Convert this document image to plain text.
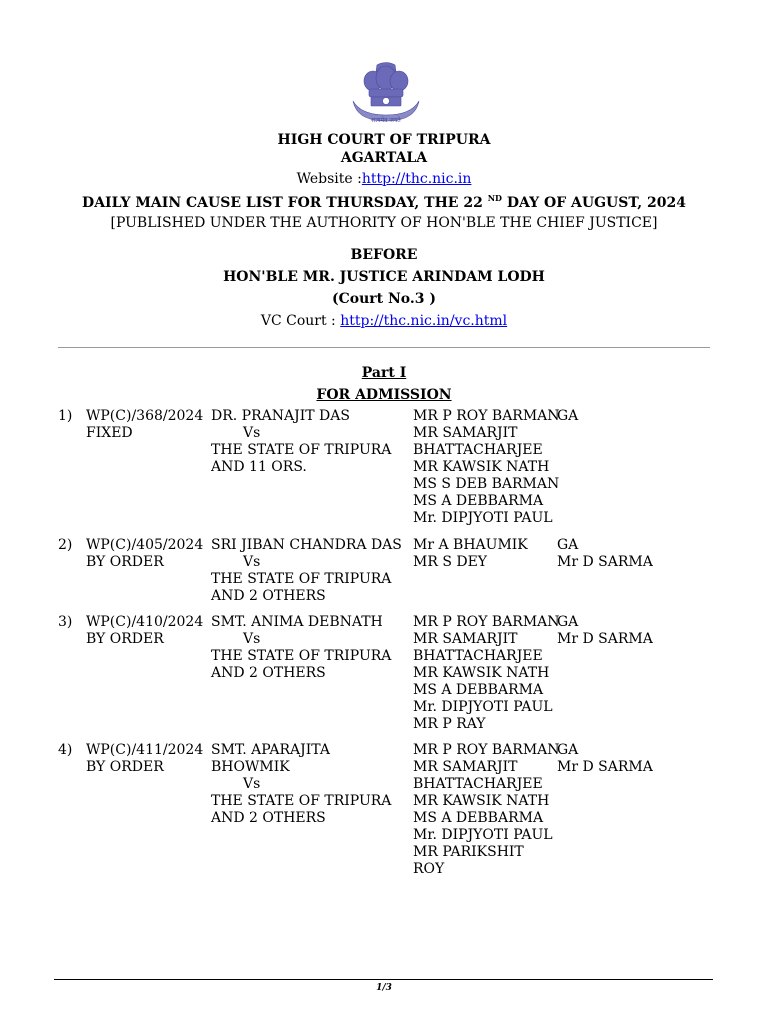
सत्यमेव जयते
HIGH COURT OF TRIPURA
AGARTALA
Website :http://thc.nic.in
DAILY MAIN CAUSE LIST FOR THURSDAY, THE 22 $^{ND}$ DAY OF AUGUST, 2024
[PUBLISHED UNDER THE AUTHORITY OF HON'BLE THE CHIEF JUSTICE]
BEFORE
HON'BLE MR. JUSTICE ARINDAM LODH
(Court No.3 )
VC Court : http://thc.nic.in/vc.html
Part I
FOR ADMISSION
1) WP(C)/368/2024
FIXED
DR. PRANAJIT DAS
Vs
THE STATE OF TRIPURA
AND 11 ORS.
MR P ROY BARMAN
MR SAMARJIT
BHATTACHARJEE
MR KAWSIK NATH
MS S DEB BARMAN
MS A DEBBARMA
Mr. DIPJYOTI PAUL
GA
2) WP(C)/405/2024
BY ORDER
SRI JIBAN CHANDRA DAS
Vs
THE STATE OF TRIPURA
AND 2 OTHERS
Mr A BHAUMIK
MR S DEY
GA
Mr D SARMA
3) WP(C)/410/2024
BY ORDER
SMT. ANIMA DEBNATH
Vs
THE STATE OF TRIPURA
AND 2 OTHERS
MR P ROY BARMAN
MR SAMARJIT
BHATTACHARJEE
MR KAWSIK NATH
MS A DEBBARMA
Mr. DIPJYOTI PAUL
MR P RAY
GA
Mr D SARMA
4) WP(C)/411/2024
BY ORDER
SMT. APARAJITA
BHOWMIK
Vs
THE STATE OF TRIPURA
AND 2 OTHERS
MR P ROY BARMAN
MR SAMARJIT
BHATTACHARJEE
MR KAWSIK NATH
MS A DEBBARMA
Mr. DIPJYOTI PAUL
MR PARIKSHIT
ROY
GA
Mr D SARMA
1/3
